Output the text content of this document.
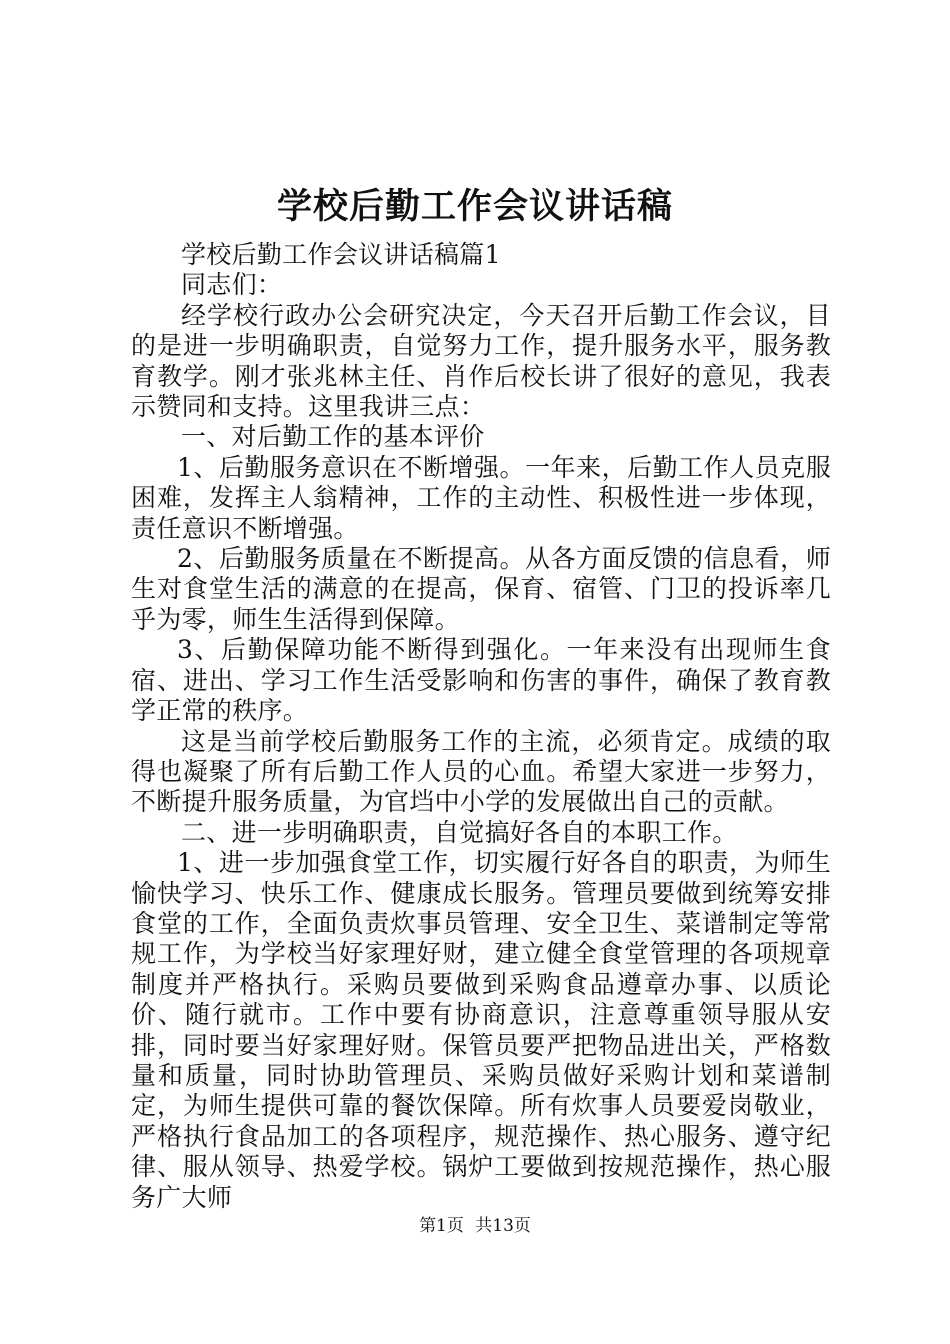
学校后勤工作会议讲话稿

学校后勤工作会议讲话稿篇1

同志们：

经学校行政办公会研究决定，今天召开后勤工作会议，目的是进一步明确职责，自觉努力工作，提升服务水平，服务教育教学。刚才张兆林主任、肖作后校长讲了很好的意见，我表示赞同和支持。这里我讲三点：

一、对后勤工作的基本评价

1、后勤服务意识在不断增强。一年来，后勤工作人员克服困难，发挥主人翁精神，工作的主动性、积极性进一步体现，责任意识不断增强。

2、后勤服务质量在不断提高。从各方面反馈的信息看，师生对食堂生活的满意的在提高，保育、宿管、门卫的投诉率几乎为零，师生生活得到保障。

3、后勤保障功能不断得到强化。一年来没有出现师生食宿、进出、学习工作生活受影响和伤害的事件，确保了教育教学正常的秩序。

这是当前学校后勤服务工作的主流，必须肯定。成绩的取得也凝聚了所有后勤工作人员的心血。希望大家进一步努力，不断提升服务质量，为官垱中小学的发展做出自己的贡献。

二、进一步明确职责，自觉搞好各自的本职工作。

1、进一步加强食堂工作，切实履行好各自的职责，为师生愉快学习、快乐工作、健康成长服务。管理员要做到统筹安排食堂的工作，全面负责炊事员管理、安全卫生、菜谱制定等常规工作，为学校当好家理好财，建立健全食堂管理的各项规章制度并严格执行。采购员要做到采购食品遵章办事、以质论价、随行就市。工作中要有协商意识，注意尊重领导服从安排，同时要当好家理好财。保管员要严把物品进出关，严格数量和质量，同时协助管理员、采购员做好采购计划和菜谱制定，为师生提供可靠的餐饮保障。所有炊事人员要爱岗敬业，严格执行食品加工的各项程序，规范操作、热心服务、遵守纪律、服从领导、热爱学校。锅炉工要做到按规范操作，热心服务广大师

第1页 共13页
